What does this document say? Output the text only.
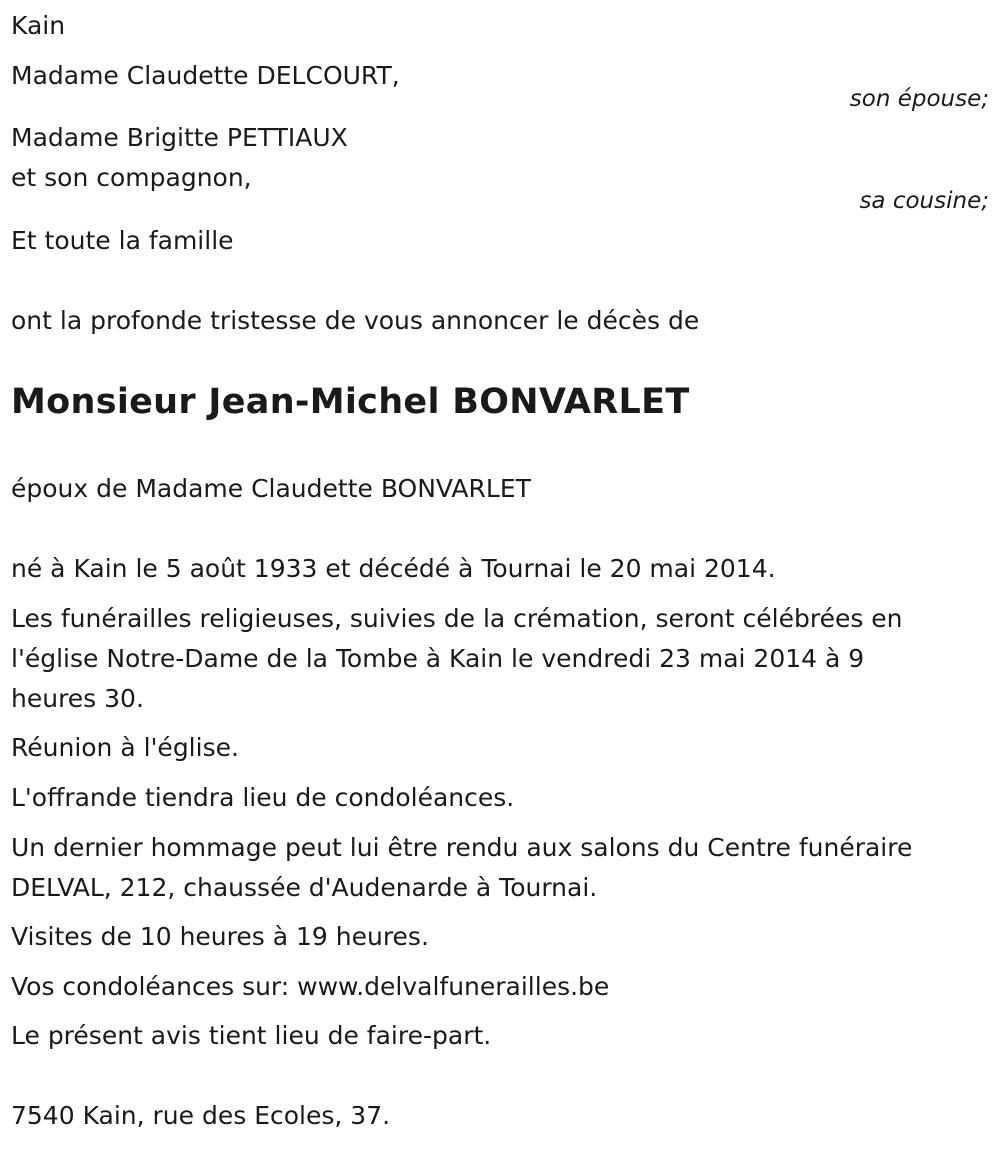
Kain
Madame Claudette DELCOURT,
son épouse;
Madame Brigitte PETTIAUX
et son compagnon,
sa cousine;
Et toute la famille
ont la profonde tristesse de vous annoncer le décès de
Monsieur Jean-Michel BONVARLET
époux de Madame Claudette BONVARLET
né à Kain le 5 août 1933 et décédé à Tournai le 20 mai 2014.
Les funérailles religieuses, suivies de la crémation, seront célébrées en
l'église Notre-Dame de la Tombe à Kain le vendredi 23 mai 2014 à 9
heures 30.
Réunion à l'église.
L'offrande tiendra lieu de condoléances.
Un dernier hommage peut lui être rendu aux salons du Centre funéraire
DELVAL, 212, chaussée d'Audenarde à Tournai.
Visites de 10 heures à 19 heures.
Vos condoléances sur: www.delvalfunerailles.be
Le présent avis tient lieu de faire-part.
7540 Kain, rue des Ecoles, 37.
